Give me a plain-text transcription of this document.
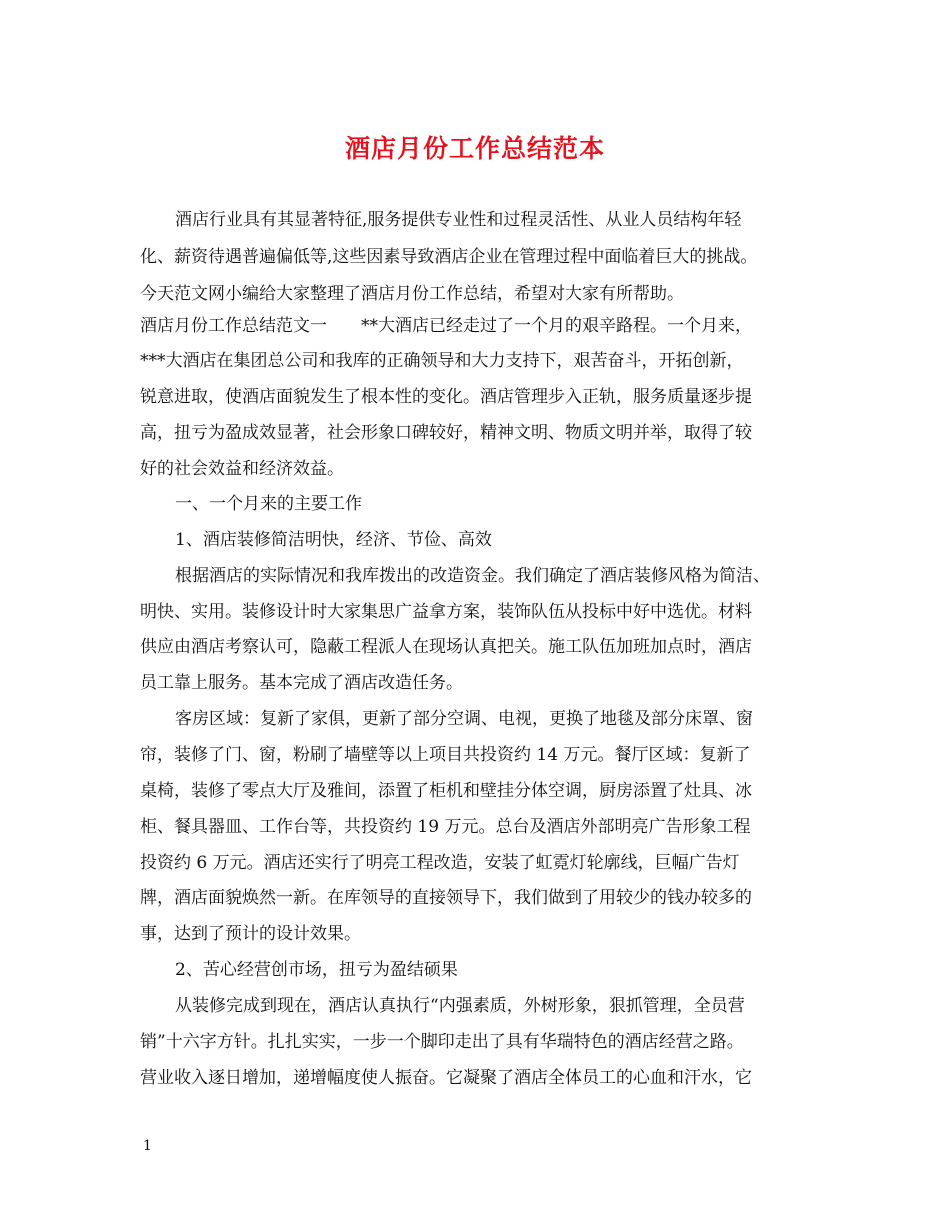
酒店月份工作总结范本
酒店行业具有其显著特征,服务提供专业性和过程灵活性、从业人员结构年轻
化、薪资待遇普遍偏低等,这些因素导致酒店企业在管理过程中面临着巨大的挑战。
今天范文网小编给大家整理了酒店月份工作总结，希望对大家有所帮助。
酒店月份工作总结范文一　　**大酒店已经走过了一个月的艰辛路程。一个月来，
***大酒店在集团总公司和我库的正确领导和大力支持下，艰苦奋斗，开拓创新，
锐意进取，使酒店面貌发生了根本性的变化。酒店管理步入正轨，服务质量逐步提
高，扭亏为盈成效显著，社会形象口碑较好，精神文明、物质文明并举，取得了较
好的社会效益和经济效益。
一、一个月来的主要工作
1、酒店装修简洁明快，经济、节俭、高效
根据酒店的实际情况和我库拨出的改造资金。我们确定了酒店装修风格为简洁、
明快、实用。装修设计时大家集思广益拿方案，装饰队伍从投标中好中选优。材料
供应由酒店考察认可，隐蔽工程派人在现场认真把关。施工队伍加班加点时，酒店
员工靠上服务。基本完成了酒店改造任务。
客房区域：复新了家俱，更新了部分空调、电视，更换了地毯及部分床罩、窗
帘，装修了门、窗，粉刷了墙壁等以上项目共投资约 14 万元。餐厅区域：复新了
桌椅，装修了零点大厅及雅间，添置了柜机和壁挂分体空调，厨房添置了灶具、冰
柜、餐具器皿、工作台等，共投资约 19 万元。总台及酒店外部明亮广告形象工程
投资约 6 万元。酒店还实行了明亮工程改造，安装了虹霓灯轮廓线，巨幅广告灯
牌，酒店面貌焕然一新。在库领导的直接领导下，我们做到了用较少的钱办较多的
事，达到了预计的设计效果。
2、苦心经营创市场，扭亏为盈结硕果
从装修完成到现在，酒店认真执行“内强素质，外树形象，狠抓管理，全员营
销”十六字方针。扎扎实实，一步一个脚印走出了具有华瑞特色的酒店经营之路。
营业收入逐日增加，递增幅度使人振奋。它凝聚了酒店全体员工的心血和汗水，它
1
